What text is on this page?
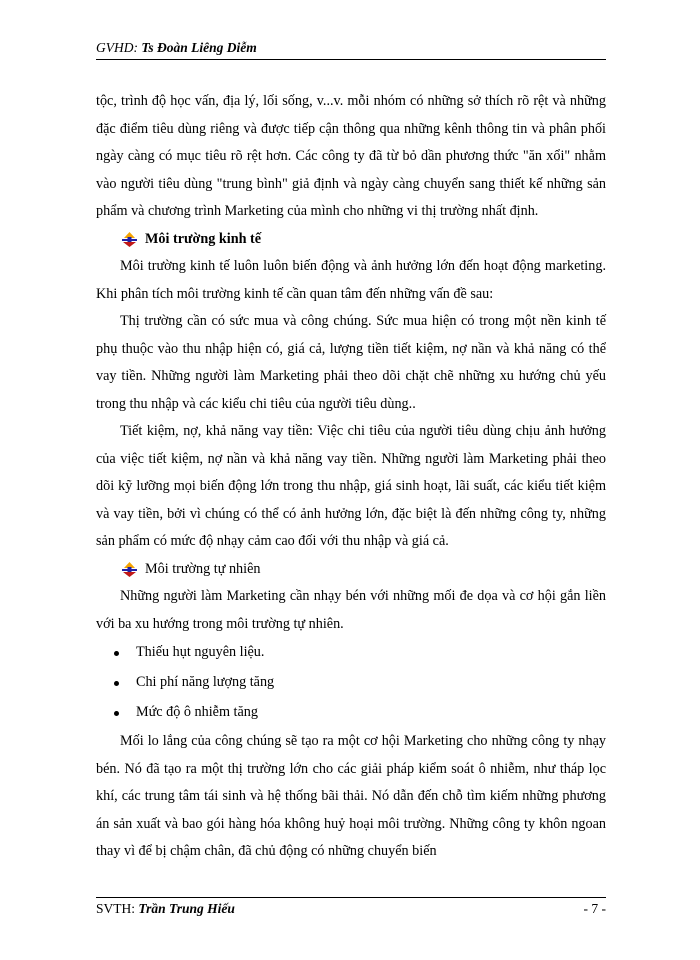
GVHD: Ts Đoàn Liêng Diễm

tộc, trình độ học vấn, địa lý, lối sống, v...v. mỗi nhóm có những sở thích rõ rệt và những đặc điểm tiêu dùng riêng và được tiếp cận thông qua những kênh thông tin và phân phối ngày càng có mục tiêu rõ rệt hơn. Các công ty đã từ bỏ dần phương thức "ăn xổi" nhằm vào người tiêu dùng "trung bình" giả định và ngày càng chuyển sang thiết kế những sản phẩm và chương trình Marketing của mình cho những vi thị trường nhất định.

Môi trường kinh tế

Môi trường kinh tế luôn luôn biến động và ảnh hưởng lớn đến hoạt động marketing. Khi phân tích môi trường kinh tế cần quan tâm đến những vấn đề sau:

Thị trường cần có sức mua và công chúng. Sức mua hiện có trong một nền kinh tế phụ thuộc vào thu nhập hiện có, giá cả, lượng tiền tiết kiệm, nợ nần và khả năng có thể vay tiền. Những người làm Marketing phải theo dõi chặt chẽ những xu hướng chủ yếu trong thu nhập và các kiểu chi tiêu của người tiêu dùng..

Tiết kiệm, nợ, khả năng vay tiền: Việc chi tiêu của người tiêu dùng chịu ảnh hưởng của việc tiết kiệm, nợ nần và khả năng vay tiền. Những người làm Marketing phải theo dõi kỹ lưỡng mọi biến động lớn trong thu nhập, giá sinh hoạt, lãi suất, các kiểu tiết kiệm và vay tiền, bởi vì chúng có thể có ảnh hưởng lớn, đặc biệt là đến những công ty, những sản phẩm có mức độ nhạy cảm cao đối với thu nhập và giá cả.

Môi trường tự nhiên

Những người làm Marketing cần nhạy bén với những mối đe dọa và cơ hội gắn liền với ba xu hướng trong môi trường tự nhiên.

Thiếu hụt nguyên liệu.
Chi phí năng lượng tăng
Mức độ ô nhiễm tăng

Mối lo lắng của công chúng sẽ tạo ra một cơ hội Marketing cho những công ty nhạy bén. Nó đã tạo ra một thị trường lớn cho các giải pháp kiểm soát ô nhiễm, như tháp lọc khí, các trung tâm tái sinh và hệ thống bãi thải. Nó dẫn đến chỗ tìm kiếm những phương án sản xuất và bao gói hàng hóa không huỷ hoại môi trường. Những công ty khôn ngoan thay vì để bị chậm chân, đã chủ động có những chuyển biến

SVTH: Trần Trung Hiếu	- 7 -
